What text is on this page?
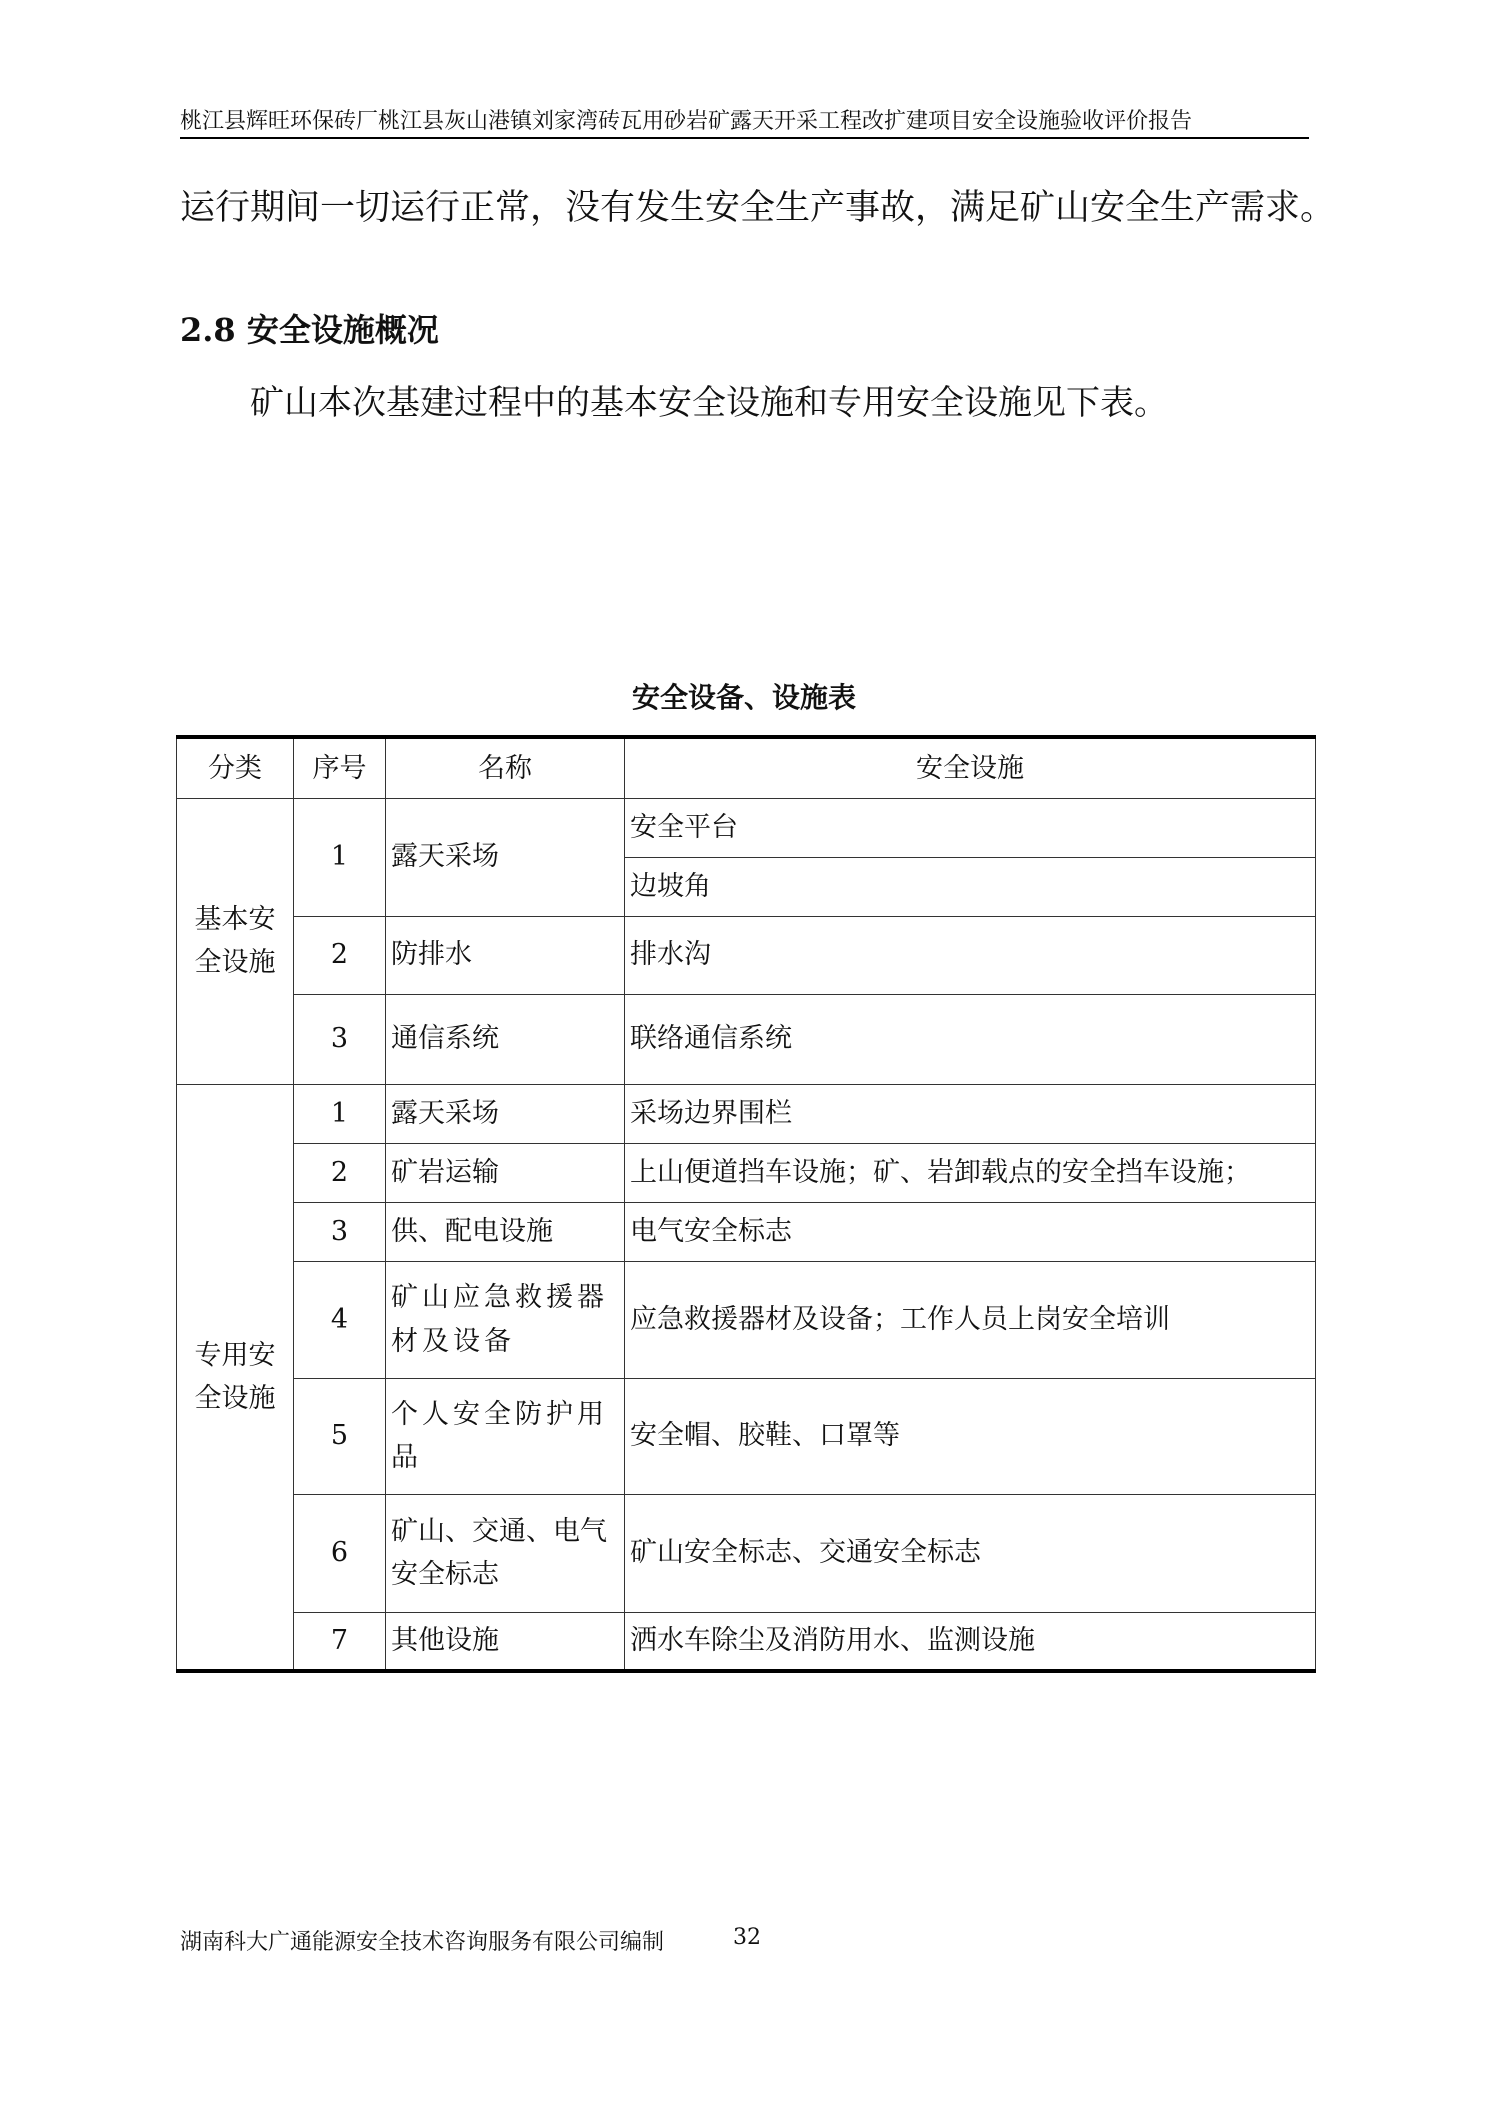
桃江县辉旺环保砖厂桃江县灰山港镇刘家湾砖瓦用砂岩矿露天开采工程改扩建项目安全设施验收评价报告
运行期间一切运行正常，没有发生安全生产事故，满足矿山安全生产需求。
2.8 安全设施概况
矿山本次基建过程中的基本安全设施和专用安全设施见下表。
安全设备、设施表
分类	序号	名称	安全设施
基本安全设施	1	露天采场	安全平台
			边坡角
	2	防排水	排水沟
	3	通信系统	联络通信系统
专用安全设施	1	露天采场	采场边界围栏
	2	矿岩运输	上山便道挡车设施；矿、岩卸载点的安全挡车设施；
	3	供、配电设施	电气安全标志
	4	矿山应急救援器材及设备	应急救援器材及设备；工作人员上岗安全培训
	5	个人安全防护用品	安全帽、胶鞋、口罩等
	6	矿山、交通、电气安全标志	矿山安全标志、交通安全标志
	7	其他设施	洒水车除尘及消防用水、监测设施
湖南科大广通能源安全技术咨询服务有限公司编制	32
